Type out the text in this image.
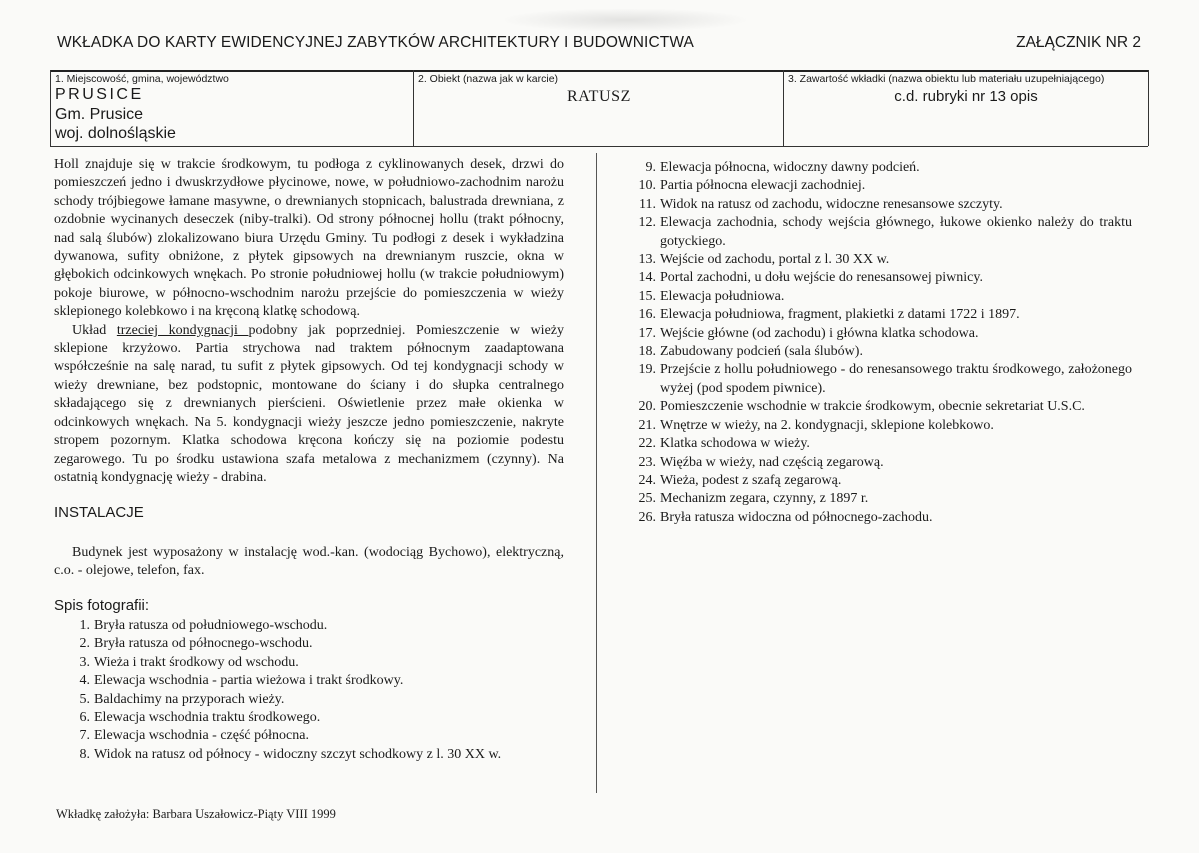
WKŁADKA DO KARTY EWIDENCYJNEJ ZABYTKÓW ARCHITEKTURY I BUDOWNICTWA	ZAŁĄCZNIK NR 2
1. Miejscowość, gmina, województwo
PRUSICE
Gm. Prusice
woj. dolnośląskie
2. Obiekt (nazwa jak w karcie)
RATUSZ
3. Zawartość wkładki (nazwa obiektu lub materiału uzupełniającego)
c.d. rubryki nr 13 opis

Holl znajduje się w trakcie środkowym, tu podłoga z cyklinowanych desek, drzwi do pomieszczeń jedno i dwuskrzydłowe płycinowe, nowe, w południowo-zachodnim narożu schody trójbiegowe łamane masywne, o drewnianych stopnicach, balustrada drewniana, z ozdobnie wycinanych deseczek (niby-tralki). Od strony północnej hollu (trakt północny, nad salą ślubów) zlokalizowano biura Urzędu Gminy. Tu podłogi z desek i wykładzina dywanowa, sufity obniżone, z płytek gipsowych na drewnianym ruszcie, okna w głębokich odcinkowych wnękach. Po stronie południowej hollu (w trakcie południowym) pokoje biurowe, w północno-wschodnim narożu przejście do pomieszczenia w wieży sklepionego kolebkowo i na kręconą klatkę schodową.

Układ trzeciej kondygnacji podobny jak poprzedniej. Pomieszczenie w wieży sklepione krzyżowo. Partia strychowa nad traktem północnym zaadaptowana współcześnie na salę narad, tu sufit z płytek gipsowych. Od tej kondygnacji schody w wieży drewniane, bez podstopnic, montowane do ściany i do słupka centralnego składającego się z drewnianych pierścieni. Oświetlenie przez małe okienka w odcinkowych wnękach. Na 5. kondygnacji wieży jeszcze jedno pomieszczenie, nakryte stropem pozornym. Klatka schodowa kręcona kończy się na poziomie podestu zegarowego. Tu po środku ustawiona szafa metalowa z mechanizmem (czynny). Na ostatnią kondygnację wieży - drabina.

INSTALACJE

Budynek jest wyposażony w instalację wod.-kan. (wodociąg Bychowo), elektryczną, c.o. - olejowe, telefon, fax.

Spis fotografii:
1. Bryła ratusza od południowego-wschodu.
2. Bryła ratusza od północnego-wschodu.
3. Wieża i trakt środkowy od wschodu.
4. Elewacja wschodnia - partia wieżowa i trakt środkowy.
5. Baldachimy na przyporach wieży.
6. Elewacja wschodnia traktu środkowego.
7. Elewacja wschodnia - część północna.
8. Widok na ratusz od północy - widoczny szczyt schodkowy z l. 30 XX w.
9. Elewacja północna, widoczny dawny podcień.
10. Partia północna elewacji zachodniej.
11. Widok na ratusz od zachodu, widoczne renesansowe szczyty.
12. Elewacja zachodnia, schody wejścia głównego, łukowe okienko należy do traktu gotyckiego.
13. Wejście od zachodu, portal z l. 30 XX w.
14. Portal zachodni, u dołu wejście do renesansowej piwnicy.
15. Elewacja południowa.
16. Elewacja południowa, fragment, plakietki z datami 1722 i 1897.
17. Wejście główne (od zachodu) i główna klatka schodowa.
18. Zabudowany podcień (sala ślubów).
19. Przejście z hollu południowego - do renesansowego traktu środkowego, założonego wyżej (pod spodem piwnice).
20. Pomieszczenie wschodnie w trakcie środkowym, obecnie sekretariat U.S.C.
21. Wnętrze w wieży, na 2. kondygnacji, sklepione kolebkowo.
22. Klatka schodowa w wieży.
23. Więźba w wieży, nad częścią zegarową.
24. Wieża, podest z szafą zegarową.
25. Mechanizm zegara, czynny, z 1897 r.
26. Bryła ratusza widoczna od północnego-zachodu.
Wkładkę założyła: Barbara Uszałowicz-Piąty VIII 1999
